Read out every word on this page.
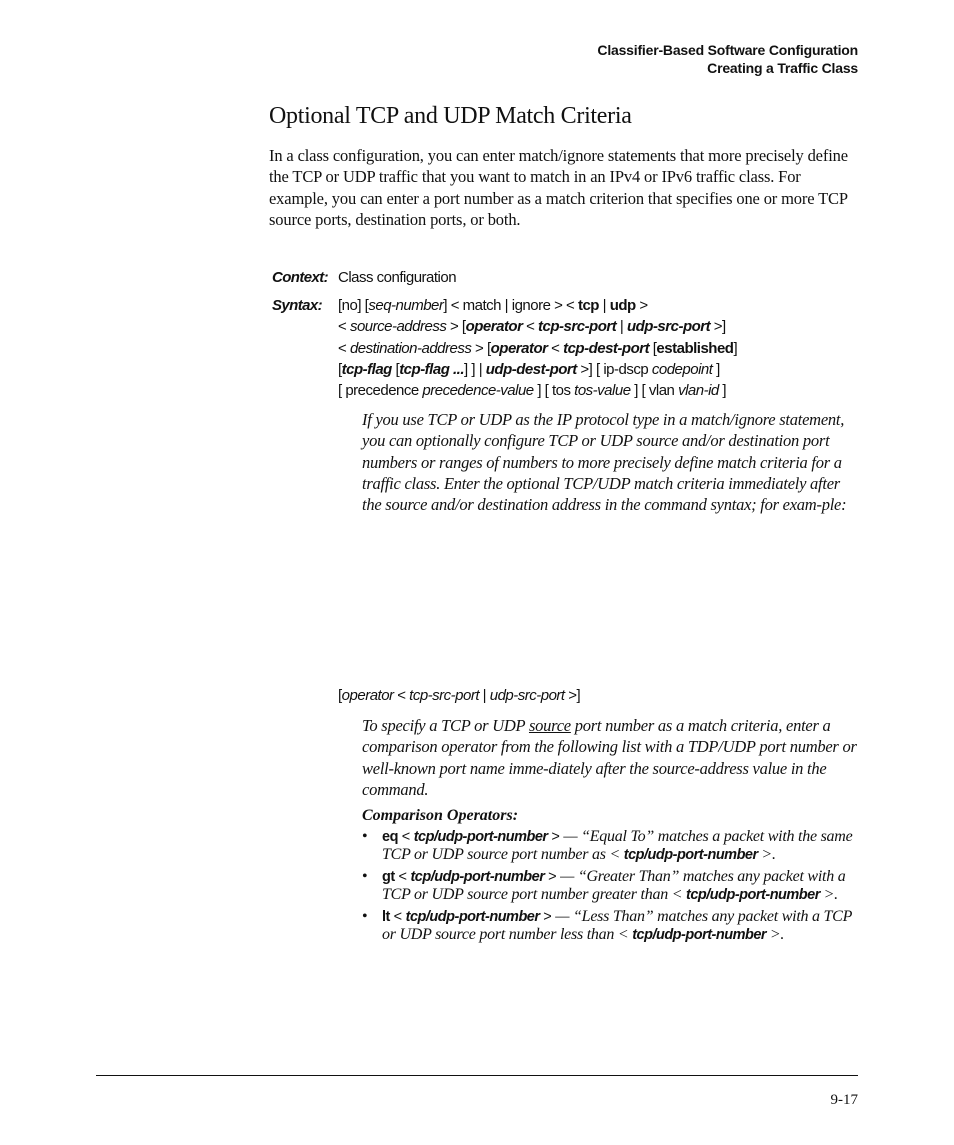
Classifier-Based Software Configuration
Creating a Traffic Class
Optional TCP and UDP Match Criteria
In a class configuration, you can enter match/ignore statements that more precisely define the TCP or UDP traffic that you want to match in an IPv4 or IPv6 traffic class. For example, you can enter a port number as a match criterion that specifies one or more TCP source ports, destination ports, or both.
Context: Class configuration
Syntax: [no] [seq-number] < match | ignore > < tcp | udp >
< source-address > [operator < tcp-src-port | udp-src-port >]
< destination-address > [operator < tcp-dest-port [established]
[tcp-flag [tcp-flag ...] ] | udp-dest-port >] [ ip-dscp codepoint ]
[ precedence precedence-value ] [ tos tos-value ] [ vlan vlan-id ]
If you use TCP or UDP as the IP protocol type in a match/ignore statement, you can optionally configure TCP or UDP source and/or destination port numbers or ranges of numbers to more precisely define match criteria for a traffic class. Enter the optional TCP/UDP match criteria immediately after the source and/or destination address in the command syntax; for exam-ple:
[operator < tcp-src-port | udp-src-port >]
To specify a TCP or UDP source port number as a match criteria, enter a comparison operator from the following list with a TDP/UDP port number or well-known port name imme-diately after the source-address value in the command.
Comparison Operators:
• eq < tcp/udp-port-number > — “Equal To” matches a packet with the same TCP or UDP source port number as < tcp/udp-port-number >.
• gt < tcp/udp-port-number > — “Greater Than” matches any packet with a TCP or UDP source port number greater than < tcp/udp-port-number >.
• lt < tcp/udp-port-number > — “Less Than” matches any packet with a TCP or UDP source port number less than < tcp/udp-port-number >.
9-17
